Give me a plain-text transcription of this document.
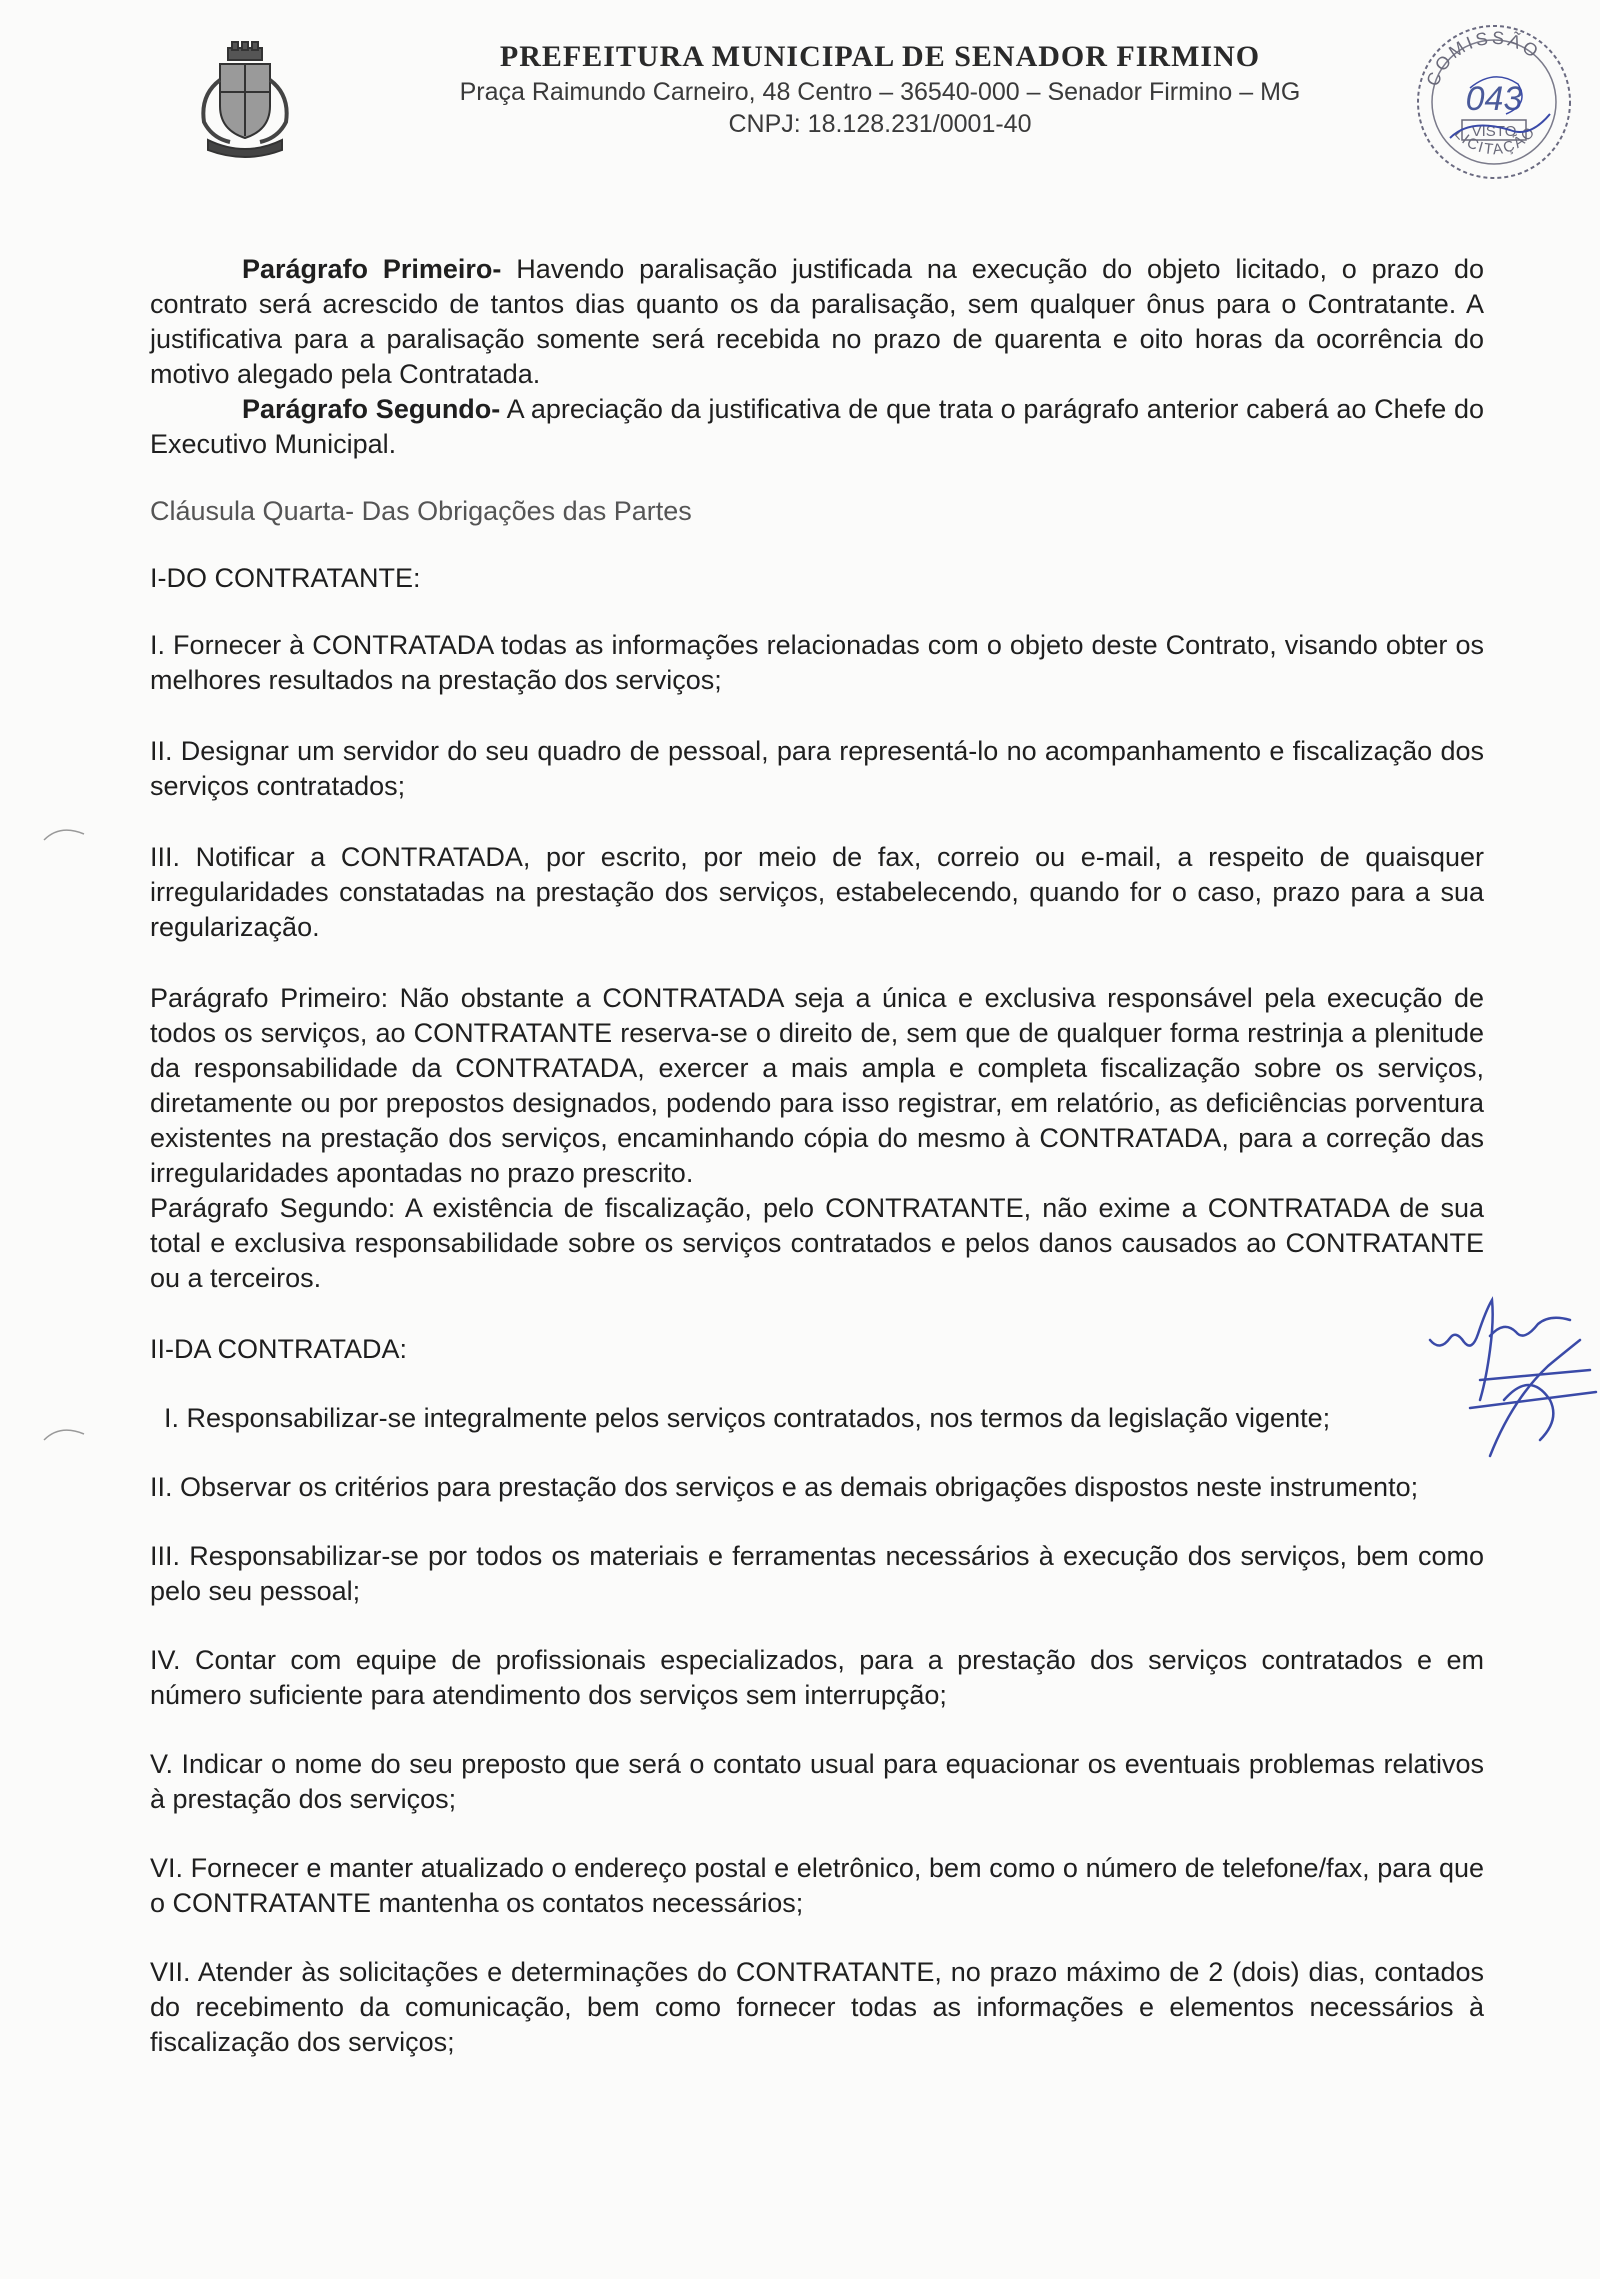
PREFEITURA MUNICIPAL DE SENADOR FIRMINO
Praça Raimundo Carneiro, 48 Centro – 36540-000 – Senador Firmino – MG
CNPJ: 18.128.231/0001-40
COMISSÃO
LICITAÇÃO
043
VISTO

Parágrafo Primeiro- Havendo paralisação justificada na execução do objeto licitado, o prazo do contrato será acrescido de tantos dias quanto os da paralisação, sem qualquer ônus para o Contratante. A justificativa para a paralisação somente será recebida no prazo de quarenta e oito horas da ocorrência do motivo alegado pela Contratada.

Parágrafo Segundo- A apreciação da justificativa de que trata o parágrafo anterior caberá ao Chefe do Executivo Municipal.

Cláusula Quarta- Das Obrigações das Partes

I-DO CONTRATANTE:

I. Fornecer à CONTRATADA todas as informações relacionadas com o objeto deste Contrato, visando obter os melhores resultados na prestação dos serviços;

II. Designar um servidor do seu quadro de pessoal, para representá-lo no acompanhamento e fiscalização dos serviços contratados;

III. Notificar a CONTRATADA, por escrito, por meio de fax, correio ou e-mail, a respeito de quaisquer irregularidades constatadas na prestação dos serviços, estabelecendo, quando for o caso, prazo para a sua regularização.

Parágrafo Primeiro: Não obstante a CONTRATADA seja a única e exclusiva responsável pela execução de todos os serviços, ao CONTRATANTE reserva-se o direito de, sem que de qualquer forma restrinja a plenitude da responsabilidade da CONTRATADA, exercer a mais ampla e completa fiscalização sobre os serviços, diretamente ou por prepostos designados, podendo para isso registrar, em relatório, as deficiências porventura existentes na prestação dos serviços, encaminhando cópia do mesmo à CONTRATADA, para a correção das irregularidades apontadas no prazo prescrito.

Parágrafo Segundo: A existência de fiscalização, pelo CONTRATANTE, não exime a CONTRATADA de sua total e exclusiva responsabilidade sobre os serviços contratados e pelos danos causados ao CONTRATANTE ou a terceiros.

II-DA CONTRATADA:

I. Responsabilizar-se integralmente pelos serviços contratados, nos termos da legislação vigente;

II. Observar os critérios para prestação dos serviços e as demais obrigações dispostos neste instrumento;

III. Responsabilizar-se por todos os materiais e ferramentas necessários à execução dos serviços, bem como pelo seu pessoal;

IV. Contar com equipe de profissionais especializados, para a prestação dos serviços contratados e em número suficiente para atendimento dos serviços sem interrupção;

V. Indicar o nome do seu preposto que será o contato usual para equacionar os eventuais problemas relativos à prestação dos serviços;

VI. Fornecer e manter atualizado o endereço postal e eletrônico, bem como o número de telefone/fax, para que o CONTRATANTE mantenha os contatos necessários;

VII. Atender às solicitações e determinações do CONTRATANTE, no prazo máximo de 2 (dois) dias, contados do recebimento da comunicação, bem como fornecer todas as informações e elementos necessários à fiscalização dos serviços;
